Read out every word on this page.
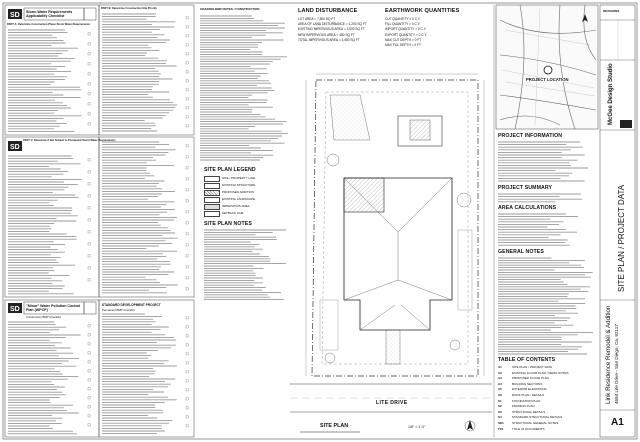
SD
SD
SD
Storm Water Requirements Applicability Checklist
"Minor" Water Pollution Control Plan (WPCP)
Construction BMP Checklist
STANDARD DEVELOPMENT PROJECT
Permanent BMP Checklist
PART A: Determine Construction Phase Storm Water Requirements
PART B: Determine Construction Site Priority
PART C: Determine if Not Subject to Permanent Storm Water Requirements
GRADING BMP NOTES / CONSTRUCTION
SITE PLAN LEGEND
SITE / PROPERTY LINE
EXISTING STRUCTURE
PROPOSED ADDITION
EXISTING LANDSCAPE
IMPERVIOUS AREA
SETBACK LINE
SITE PLAN NOTES
LAND DISTURBANCE
LOT AREA = 7,500 SQ FT
AREA OF LAND DISTURBANCE = 1,200 SQ FT
EXISTING IMPERVIOUS AREA = 3,000 SQ FT
NEW IMPERVIOUS AREA = 450 SQ FT
TOTAL IMPERVIOUS AREA = 3,450 SQ FT
EARTHWORK QUANTITIES
CUT QUANTITY = 0 C.Y.
FILL QUANTITY = 0 C.Y.
IMPORT QUANTITY = 0 C.Y.
EXPORT QUANTITY = 0 C.Y.
MAX CUT DEPTH = 0 FT
MAX FILL DEPTH = 0 FT
LITE DRIVE
SITE PLAN	1/8" = 1'-0"
PROJECT LOCATION
PROJECT INFORMATION
PROJECT SUMMARY
AREA CALCULATIONS
GENERAL NOTES
TABLE OF CONTENTS
A1	SITE PLAN / PROJECT DATA
A2	EXISTING FLOOR PLAN / DEMO NOTES
A3	PROPOSED FLOOR PLAN
A4	BUILDING SECTIONS
A5	EXTERIOR ELEVATIONS
A6	ROOF PLAN / DETAILS
S1	FOUNDATION PLAN
S2	FRAMING PLAN
S3	STRUCTURAL DETAILS
S4	STANDARD STRUCTURAL DETAILS
SD1	STRUCTURAL GENERAL NOTES
T24	TITLE 24 DOCUMENTS
REVISIONS
McGee Design Studio
SITE PLAN / PROJECT DATA
Link Residence Remodel & Addition 4684 Lite Drive - San Diego, Ca. 92117
A1
